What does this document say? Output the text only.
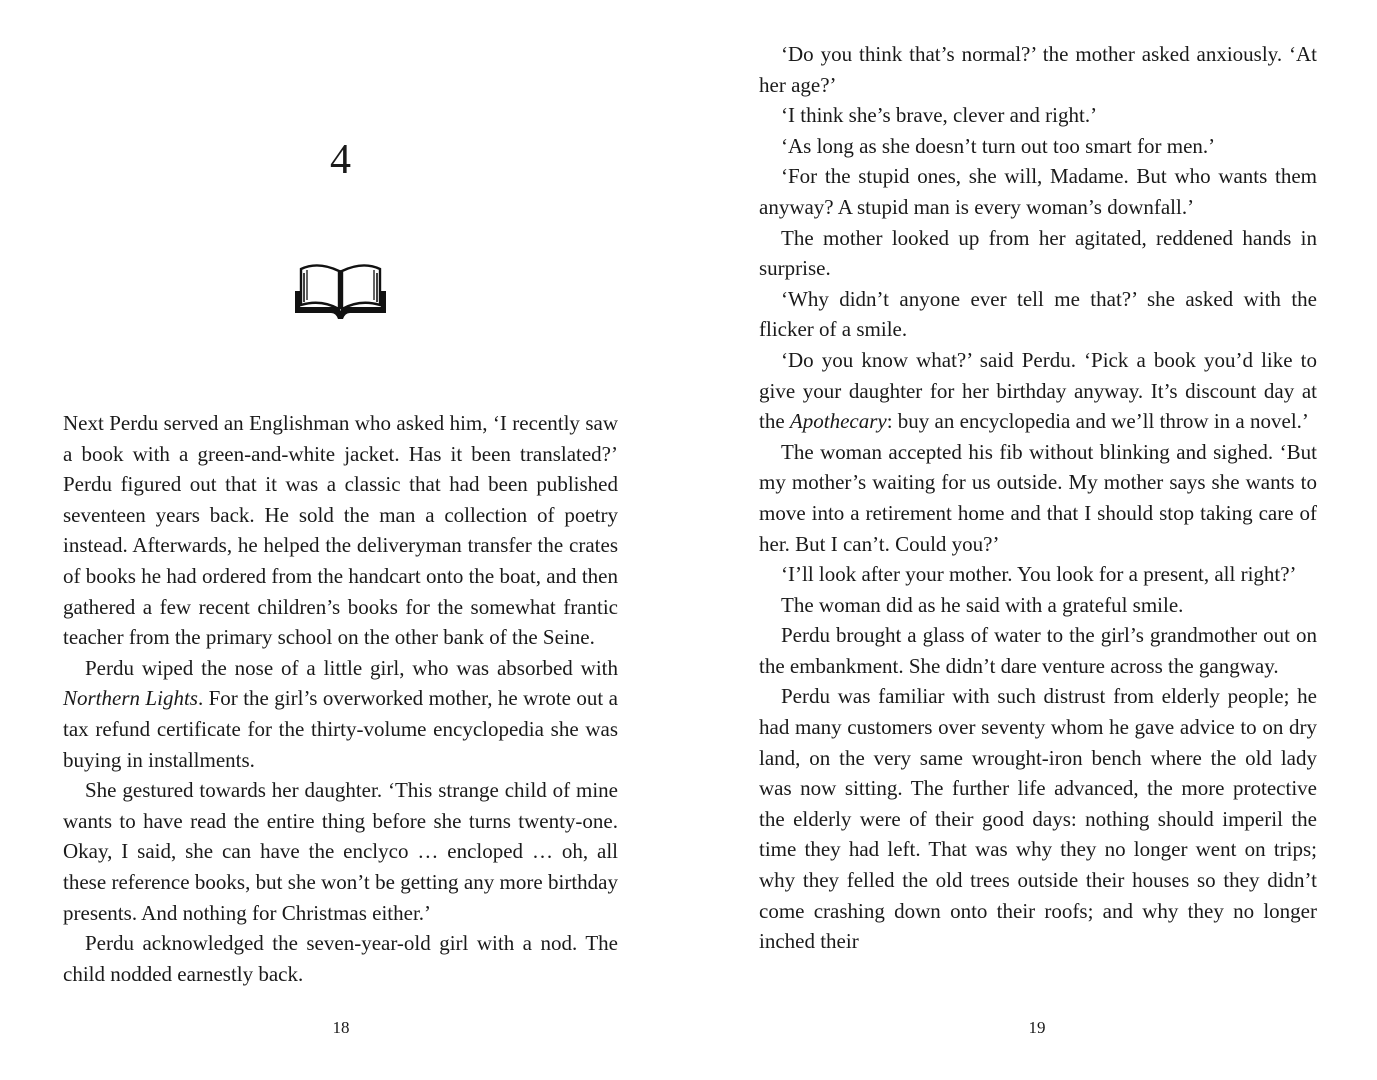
4

Next Perdu served an Englishman who asked him, ‘I recently saw a book with a green-and-white jacket. Has it been translated?’ Perdu figured out that it was a classic that had been published seventeen years back. He sold the man a collection of poetry instead. Afterwards, he helped the deliveryman transfer the crates of books he had ordered from the handcart onto the boat, and then gathered a few recent children’s books for the somewhat frantic teacher from the primary school on the other bank of the Seine.

Perdu wiped the nose of a little girl, who was absorbed with Northern Lights. For the girl’s overworked mother, he wrote out a tax refund certificate for the thirty-volume encyclopedia she was buying in installments.

She gestured towards her daughter. ‘This strange child of mine wants to have read the entire thing before she turns twenty-one. Okay, I said, she can have the enclyco … encloped … oh, all these reference books, but she won’t be getting any more birthday presents. And nothing for Christmas either.’

Perdu acknowledged the seven-year-old girl with a nod. The child nodded earnestly back.

18

‘Do you think that’s normal?’ the mother asked anxiously. ‘At her age?’

‘I think she’s brave, clever and right.’

‘As long as she doesn’t turn out too smart for men.’

‘For the stupid ones, she will, Madame. But who wants them anyway? A stupid man is every woman’s downfall.’

The mother looked up from her agitated, reddened hands in surprise.

‘Why didn’t anyone ever tell me that?’ she asked with the flicker of a smile.

‘Do you know what?’ said Perdu. ‘Pick a book you’d like to give your daughter for her birthday anyway. It’s discount day at the Apothecary: buy an encyclopedia and we’ll throw in a novel.’

The woman accepted his fib without blinking and sighed. ‘But my mother’s waiting for us outside. My mother says she wants to move into a retirement home and that I should stop taking care of her. But I can’t. Could you?’

‘I’ll look after your mother. You look for a present, all right?’

The woman did as he said with a grateful smile.

Perdu brought a glass of water to the girl’s grandmother out on the embankment. She didn’t dare venture across the gangway.

Perdu was familiar with such distrust from elderly people; he had many customers over seventy whom he gave advice to on dry land, on the very same wrought-iron bench where the old lady was now sitting. The further life advanced, the more protective the elderly were of their good days: nothing should imperil the time they had left. That was why they no longer went on trips; why they felled the old trees outside their houses so they didn’t come crashing down onto their roofs; and why they no longer inched their

19
